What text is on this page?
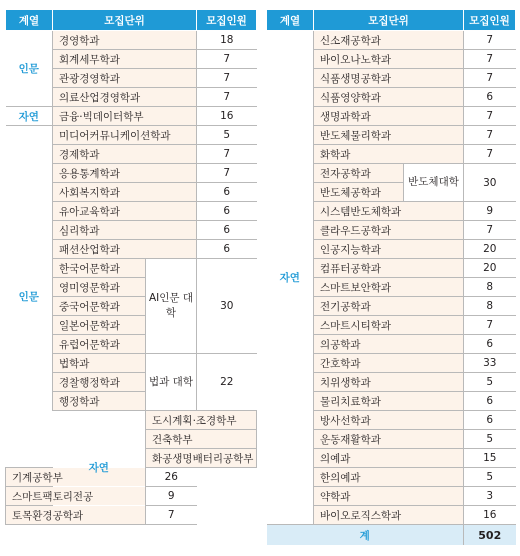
계열	모집단위		모집인원	
인문	경영학과		18	
	회계세무학과		7	
	관광경영학과		7	
	의료산업경영학과		7	
자연	금융·빅데이터학부		16	
인문	미디어커뮤니케이션학과		5	
	경제학과		7	
	응용통계학과		7	
	사회복지학과		6	
	유아교육학과		6	
	심리학과		6	
	패션산업학과		6	
	한국어문학과	AI인문 대학	30	
	영미영문학과			
	중국어문학과			
	일본어문학과			
	유럽어문학과			
	법학과	법과 대학	22	
	경찰행정학과			
	행정학과			
	자연	도시계획·조경학부	
		건축학부	
		화공생명배터리공학부	
기계공학부		26		
스마트팩토리전공		9		
토목환경공학과		7		
계열	모집단위		모집인원
자연	신소재공학과		7
	바이오나노학과		7
	식품생명공학과		7
	식품영양학과		6
	생명과학과		7
	반도체물리학과		7
	화학과		7
	전자공학과	반도체대학	30
	반도체공학과		
	시스템반도체학과		9
	클라우드공학과		7
	인공지능학과		20
	컴퓨터공학과		20
	스마트보안학과		8
	전기공학과		8
	스마트시티학과		7
	의공학과		6
	간호학과		33
	치위생학과		5
	물리치료학과		6
	방사선학과		6
	운동재활학과		5
	의예과		15
	한의예과		5
	약학과		3
	바이오로직스학과		16
계			502
